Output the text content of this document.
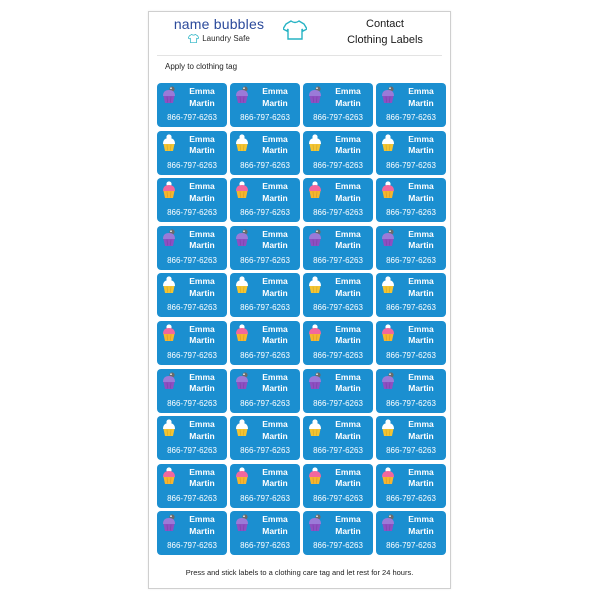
name bubbles
Laundry Safe
Contact
Clothing Labels
Apply to clothing tag
Emma
Martin
866-797-6263
Emma
Martin
866-797-6263
Emma
Martin
866-797-6263
Emma
Martin
866-797-6263
Emma
Martin
866-797-6263
Emma
Martin
866-797-6263
Emma
Martin
866-797-6263
Emma
Martin
866-797-6263
Emma
Martin
866-797-6263
Emma
Martin
866-797-6263
Emma
Martin
866-797-6263
Emma
Martin
866-797-6263
Emma
Martin
866-797-6263
Emma
Martin
866-797-6263
Emma
Martin
866-797-6263
Emma
Martin
866-797-6263
Emma
Martin
866-797-6263
Emma
Martin
866-797-6263
Emma
Martin
866-797-6263
Emma
Martin
866-797-6263
Emma
Martin
866-797-6263
Emma
Martin
866-797-6263
Emma
Martin
866-797-6263
Emma
Martin
866-797-6263
Emma
Martin
866-797-6263
Emma
Martin
866-797-6263
Emma
Martin
866-797-6263
Emma
Martin
866-797-6263
Emma
Martin
866-797-6263
Emma
Martin
866-797-6263
Emma
Martin
866-797-6263
Emma
Martin
866-797-6263
Emma
Martin
866-797-6263
Emma
Martin
866-797-6263
Emma
Martin
866-797-6263
Emma
Martin
866-797-6263
Emma
Martin
866-797-6263
Emma
Martin
866-797-6263
Emma
Martin
866-797-6263
Emma
Martin
866-797-6263
Press and stick labels to a clothing care tag and let rest for 24 hours.
